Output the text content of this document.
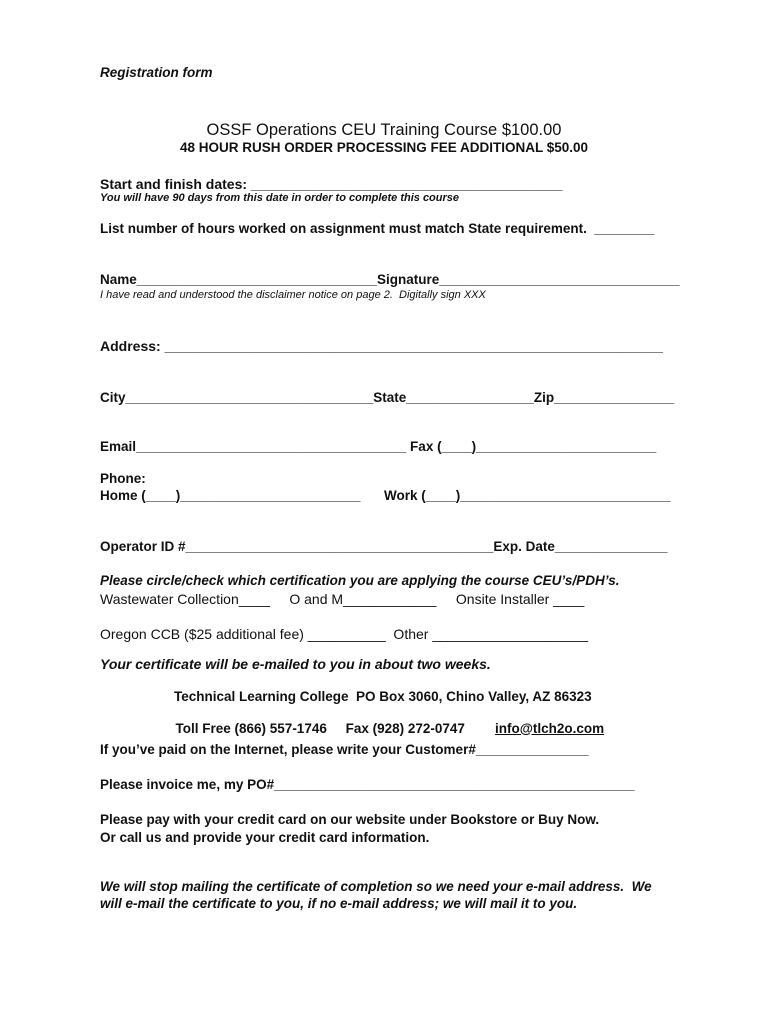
Registration form
OSSF Operations CEU Training Course $100.00
48 HOUR RUSH ORDER PROCESSING FEE ADDITIONAL $50.00
Start and finish dates: ________________________________________
You will have 90 days from this date in order to complete this course
List number of hours worked on assignment must match State requirement.  ________
Name________________________________Signature________________________________
I have read and understood the disclaimer notice on page 2.  Digitally sign XXX
Address: ________________________________________________________________
City_________________________________State_________________Zip________________
Email____________________________________ Fax (____)________________________
Phone:
Home (____)________________________ Work (____)____________________________
Operator ID #_________________________________________Exp. Date_______________
Please circle/check which certification you are applying the course CEU’s/PDH’s.
Wastewater Collection____     O and M____________     Onsite Installer ____
Oregon CCB ($25 additional fee) __________  Other ____________________
Your certificate will be e-mailed to you in about two weeks.
Technical Learning College  PO Box 3060, Chino Valley, AZ 86323

Toll Free (866) 557-1746 Fax (928) 272-0747 info@tlch2o.com

If you’ve paid on the Internet, please write your Customer#_______________
Please invoice me, my PO#________________________________________________
Please pay with your credit card on our website under Bookstore or Buy Now.
Or call us and provide your credit card information.
We will stop mailing the certificate of completion so we need your e-mail address.  We
will e-mail the certificate to you, if no e-mail address; we will mail it to you.
